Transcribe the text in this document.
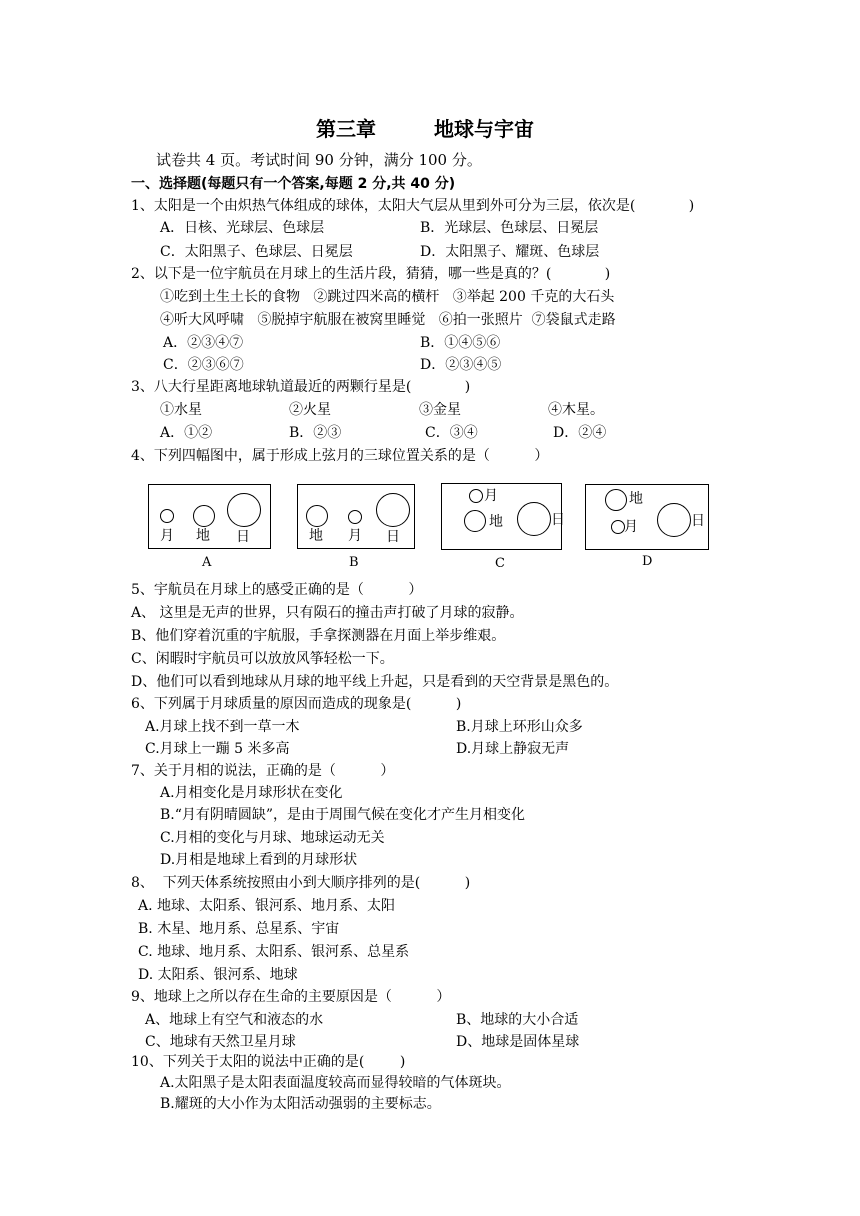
第三章	地球与宇宙
试卷共 4 页。考试时间 90 分钟，满分 100 分。
一、选择题(每题只有一个答案,每题 2 分,共 40 分)
1、太阳是一个由炽热气体组成的球体，太阳大气层从里到外可分为三层，依次是(            )
A．日核、光球层、色球层	B．光球层、色球层、日冕层
C．太阳黑子、色球层、日冕层	D．太阳黑子、耀斑、色球层
2、以下是一位宇航员在月球上的生活片段，猜猜，哪一些是真的？(            )
①吃到土生土长的食物   ②跳过四米高的横杆   ③举起 200 千克的大石头
④听大风呼啸   ⑤脱掉宇航服在被窝里睡觉   ⑥拍一张照片  ⑦袋鼠式走路
A．②③④⑦	B．①④⑤⑥
C．②③⑥⑦	D．②③④⑤
3、八大行星距离地球轨道最近的两颗行星是(            )
①水星	②火星	③金星	④木星。
A．①②	B．②③	C．③④	D．②④
4、下列四幅图中，属于形成上弦月的三球位置关系的是（          ）
月 地 日
A
地 月 日
B
月
地	日
C
地
月	日
D
5、宇航员在月球上的感受正确的是（          ）
A、 这里是无声的世界，只有陨石的撞击声打破了月球的寂静。
B、他们穿着沉重的宇航服，手拿探测器在月面上举步维艰。
C、闲暇时宇航员可以放放风筝轻松一下。
D、他们可以看到地球从月球的地平线上升起，只是看到的天空背景是黑色的。
6、下列属于月球质量的原因而造成的现象是(          )
A.月球上找不到一草一木	B.月球上环形山众多
C.月球上一蹦 5 米多高	D.月球上静寂无声
7、关于月相的说法，正确的是（          ）
A.月相变化是月球形状在变化
B.“月有阴晴圆缺”，是由于周围气候在变化才产生月相变化
C.月相的变化与月球、地球运动无关
D.月相是地球上看到的月球形状
8、  下列天体系统按照由小到大顺序排列的是(          )
A. 地球、太阳系、银河系、地月系、太阳
B. 木星、地月系、总星系、宇宙
C. 地球、地月系、太阳系、银河系、总星系
D. 太阳系、银河系、地球
9、地球上之所以存在生命的主要原因是（          ）
A、地球上有空气和液态的水	B、地球的大小合适
C、地球有天然卫星月球	D、地球是固体星球
10、下列关于太阳的说法中正确的是(        )
A.太阳黑子是太阳表面温度较高而显得较暗的气体斑块。
B.耀斑的大小作为太阳活动强弱的主要标志。
